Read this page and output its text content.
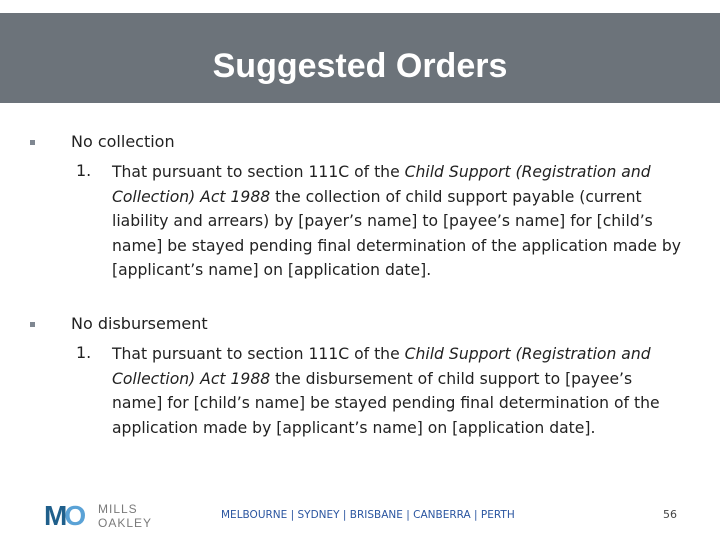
Suggested Orders
No collection
1. That pursuant to section 111C of the Child Support (Registration and Collection) Act 1988 the collection of child support payable (current liability and arrears) by [payer’s name] to [payee’s name] for [child’s name] be stayed pending final determination of the application made by [applicant’s name] on [application date].
No disbursement
1. That pursuant to section 111C of the Child Support (Registration and Collection) Act 1988 the disbursement of child support to [payee’s name] for [child’s name] be stayed pending final determination of the application made by [applicant’s name] on [application date].
MO MILLS
OAKLEY
MELBOURNE | SYDNEY | BRISBANE | CANBERRA | PERTH	56
